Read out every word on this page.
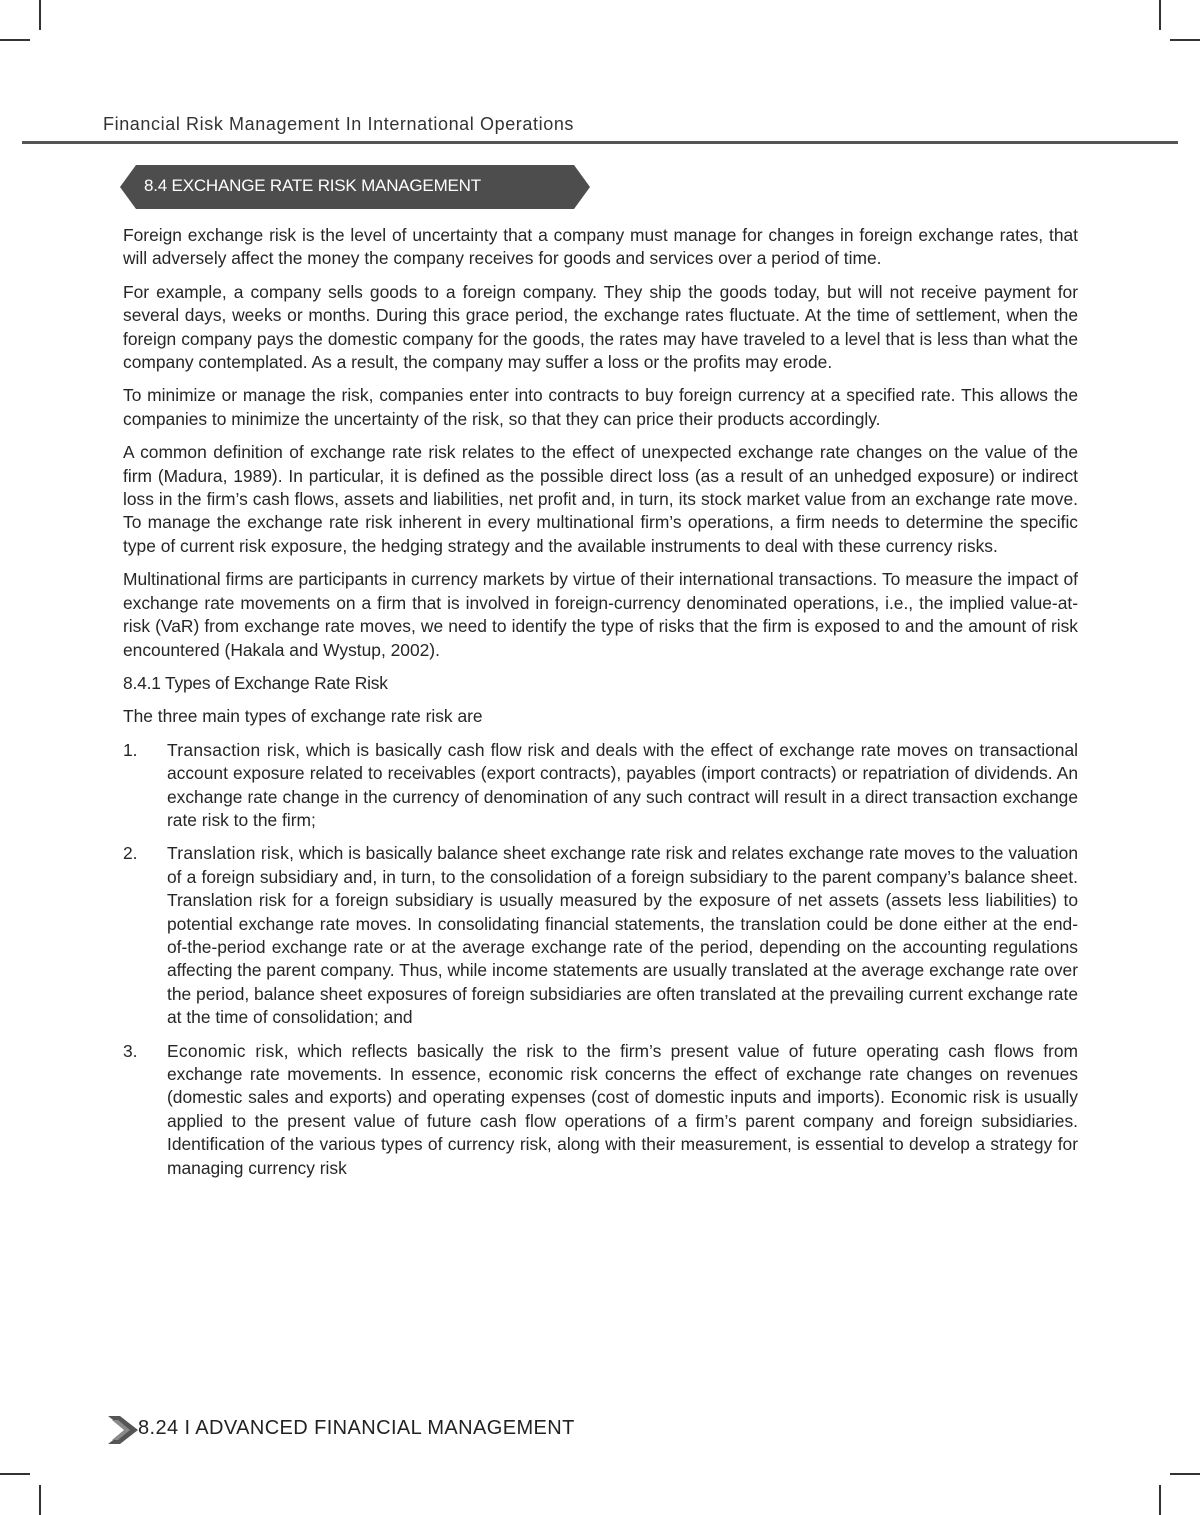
Financial Risk Management In International Operations
8.4 EXCHANGE RATE RISK MANAGEMENT

Foreign exchange risk is the level of uncertainty that a company must manage for changes in foreign exchange rates, that will adversely affect the money the company receives for goods and services over a period of time.

For example, a company sells goods to a foreign company. They ship the goods today, but will not receive payment for several days, weeks or months. During this grace period, the exchange rates fluctuate. At the time of settlement, when the foreign company pays the domestic company for the goods, the rates may have traveled to a level that is less than what the company contemplated. As a result, the company may suffer a loss or the profits may erode.

To minimize or manage the risk, companies enter into contracts to buy foreign currency at a specified rate. This allows the companies to minimize the uncertainty of the risk, so that they can price their products accordingly.

A common definition of exchange rate risk relates to the effect of unexpected exchange rate changes on the value of the firm (Madura, 1989). In particular, it is defined as the possible direct loss (as a result of an unhedged exposure) or indirect loss in the firm’s cash flows, assets and liabilities, net profit and, in turn, its stock market value from an exchange rate move. To manage the exchange rate risk inherent in every multinational firm’s operations, a firm needs to determine the specific type of current risk exposure, the hedging strategy and the available instruments to deal with these currency risks.

Multinational firms are participants in currency markets by virtue of their international transactions. To measure the impact of exchange rate movements on a firm that is involved in foreign-currency denominated operations, i.e., the implied value-at-risk (VaR) from exchange rate moves, we need to identify the type of risks that the firm is exposed to and the amount of risk encountered (Hakala and Wystup, 2002).

8.4.1 Types of Exchange Rate Risk

The three main types of exchange rate risk are

1. Transaction risk, which is basically cash flow risk and deals with the effect of exchange rate moves on transactional account exposure related to receivables (export contracts), payables (import contracts) or repatriation of dividends. An exchange rate change in the currency of denomination of any such contract will result in a direct transaction exchange rate risk to the firm;
2. Translation risk, which is basically balance sheet exchange rate risk and relates exchange rate moves to the valuation of a foreign subsidiary and, in turn, to the consolidation of a foreign subsidiary to the parent company’s balance sheet. Translation risk for a foreign subsidiary is usually measured by the exposure of net assets (assets less liabilities) to potential exchange rate moves. In consolidating financial statements, the translation could be done either at the end-of-the-period exchange rate or at the average exchange rate of the period, depending on the accounting regulations affecting the parent company. Thus, while income statements are usually translated at the average exchange rate over the period, balance sheet exposures of foreign subsidiaries are often translated at the prevailing current exchange rate at the time of consolidation; and
3. Economic risk, which reflects basically the risk to the firm’s present value of future operating cash flows from exchange rate movements. In essence, economic risk concerns the effect of exchange rate changes on revenues (domestic sales and exports) and operating expenses (cost of domestic inputs and imports). Economic risk is usually applied to the present value of future cash flow operations of a firm’s parent company and foreign subsidiaries. Identification of the various types of currency risk, along with their measurement, is essential to develop a strategy for managing currency risk
8.24 I ADVANCED FINANCIAL MANAGEMENT
